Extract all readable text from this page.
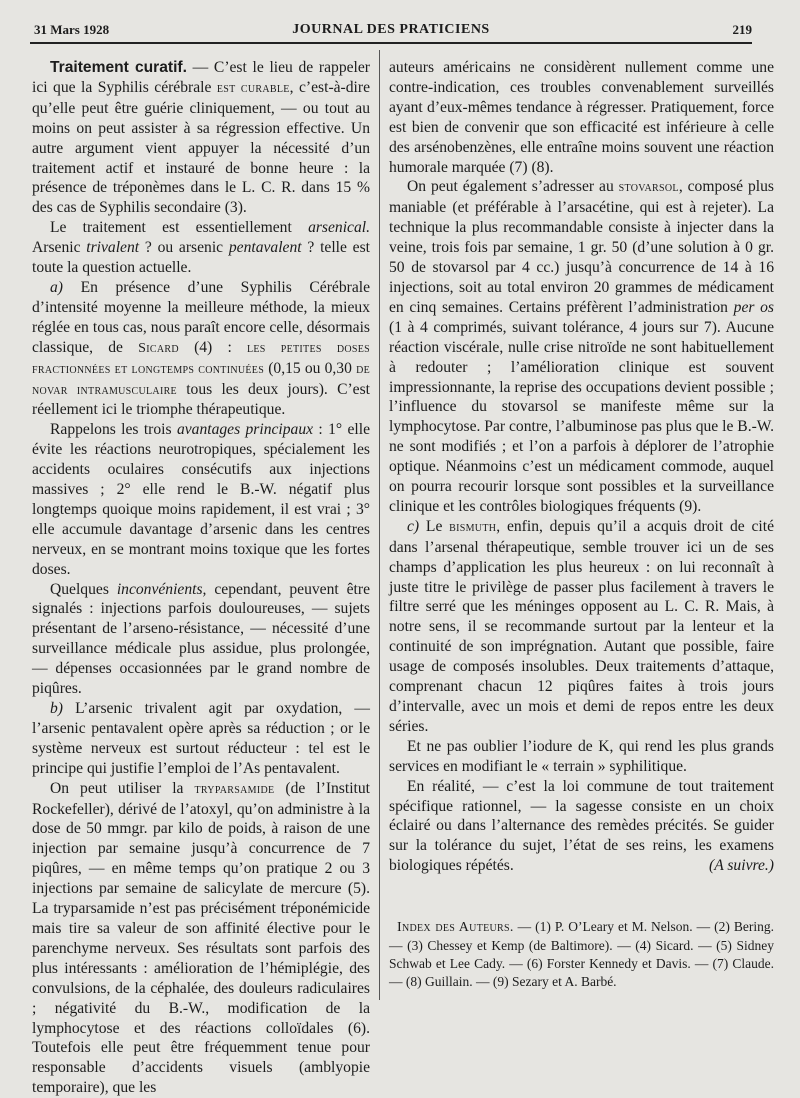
31 Mars 1928	JOURNAL DES PRATICIENS	219

Traitement curatif. — C’est le lieu de rappeler ici que la Syphilis cérébrale est curable, c’est-à-dire qu’elle peut être guérie cliniquement, — ou tout au moins on peut assister à sa régression effective. Un autre argument vient appuyer la nécessité d’un traitement actif et instauré de bonne heure : la présence de tréponèmes dans le L. C. R. dans 15 % des cas de Syphilis secondaire (3).

Le traitement est essentiellement arsenical. Arsenic trivalent ? ou arsenic pentavalent ? telle est toute la question actuelle.

a) En présence d’une Syphilis Cérébrale d’intensité moyenne la meilleure méthode, la mieux réglée en tous cas, nous paraît encore celle, désormais classique, de Sicard (4) : les petites doses fractionnées et longtemps continuées (0,15 ou 0,30 de novar intramusculaire tous les deux jours). C’est réellement ici le triomphe thérapeutique.

Rappelons les trois avantages principaux : 1° elle évite les réactions neurotropiques, spécialement les accidents oculaires consécutifs aux injections massives ; 2° elle rend le B.-W. négatif plus longtemps quoique moins rapidement, il est vrai ; 3° elle accumule davantage d’arsenic dans les centres nerveux, en se montrant moins toxique que les fortes doses.

Quelques inconvénients, cependant, peuvent être signalés : injections parfois douloureuses, — sujets présentant de l’arseno-résistance, — nécessité d’une surveillance médicale plus assidue, plus prolongée, — dépenses occasionnées par le grand nombre de piqûres.

b) L’arsenic trivalent agit par oxydation, — l’arsenic pentavalent opère après sa réduction ; or le système nerveux est surtout réducteur : tel est le principe qui justifie l’emploi de l’As pentavalent.

On peut utiliser la tryparsamide (de l’Institut Rockefeller), dérivé de l’atoxyl, qu’on administre à la dose de 50 mmgr. par kilo de poids, à raison de une injection par semaine jusqu’à concurrence de 7 piqûres, — en même temps qu’on pratique 2 ou 3 injections par semaine de salicylate de mercure (5). La tryparsamide n’est pas précisément tréponémicide mais tire sa valeur de son affinité élective pour le parenchyme nerveux. Ses résultats sont parfois des plus intéressants : amélioration de l’hémiplégie, des convulsions, de la céphalée, des douleurs radiculaires ; négativité du B.-W., modification de la lymphocytose et des réactions colloïdales (6). Toutefois elle peut être fréquemment tenue pour responsable d’accidents visuels (amblyopie temporaire), que les

auteurs américains ne considèrent nullement comme une contre-indication, ces troubles convenablement surveillés ayant d’eux-mêmes tendance à régresser. Pratiquement, force est bien de convenir que son efficacité est inférieure à celle des arsénobenzènes, elle entraîne moins souvent une réaction humorale marquée (7) (8).

On peut également s’adresser au stovarsol, composé plus maniable (et préférable à l’arsacétine, qui est à rejeter). La technique la plus recommandable consiste à injecter dans la veine, trois fois par semaine, 1 gr. 50 (d’une solution à 0 gr. 50 de stovarsol par 4 cc.) jusqu’à concurrence de 14 à 16 injections, soit au total environ 20 grammes de médicament en cinq semaines. Certains préfèrent l’administration per os (1 à 4 comprimés, suivant tolérance, 4 jours sur 7). Aucune réaction viscérale, nulle crise nitroïde ne sont habituellement à redouter ; l’amélioration clinique est souvent impressionnante, la reprise des occupations devient possible ; l’influence du stovarsol se manifeste même sur la lymphocytose. Par contre, l’albuminose pas plus que le B.-W. ne sont modifiés ; et l’on a parfois à déplorer de l’atrophie optique. Néanmoins c’est un médicament commode, auquel on pourra recourir lorsque sont possibles et la surveillance clinique et les contrôles biologiques fréquents (9).

c) Le bismuth, enfin, depuis qu’il a acquis droit de cité dans l’arsenal thérapeutique, semble trouver ici un de ses champs d’application les plus heureux : on lui reconnaît à juste titre le privilège de passer plus facilement à travers le filtre serré que les méninges opposent au L. C. R. Mais, à notre sens, il se recommande surtout par la lenteur et la continuité de son imprégnation. Autant que possible, faire usage de composés insolubles. Deux traitements d’attaque, comprenant chacun 12 piqûres faites à trois jours d’intervalle, avec un mois et demi de repos entre les deux séries.

Et ne pas oublier l’iodure de K, qui rend les plus grands services en modifiant le « terrain » syphilitique.

En réalité, — c’est la loi commune de tout traitement spécifique rationnel, — la sagesse consiste en un choix éclairé ou dans l’alternance des remèdes précités. Se guider sur la tolérance du sujet, l’état de ses reins, les examens biologiques répétés.	(A suivre.)

Index des Auteurs. — (1) P. O’Leary et M. Nelson. — (2) Bering. — (3) Chessey et Kemp (de Baltimore). — (4) Sicard. — (5) Sidney Schwab et Lee Cady. — (6) Forster Kennedy et Davis. — (7) Claude. — (8) Guillain. — (9) Sezary et A. Barbé.
